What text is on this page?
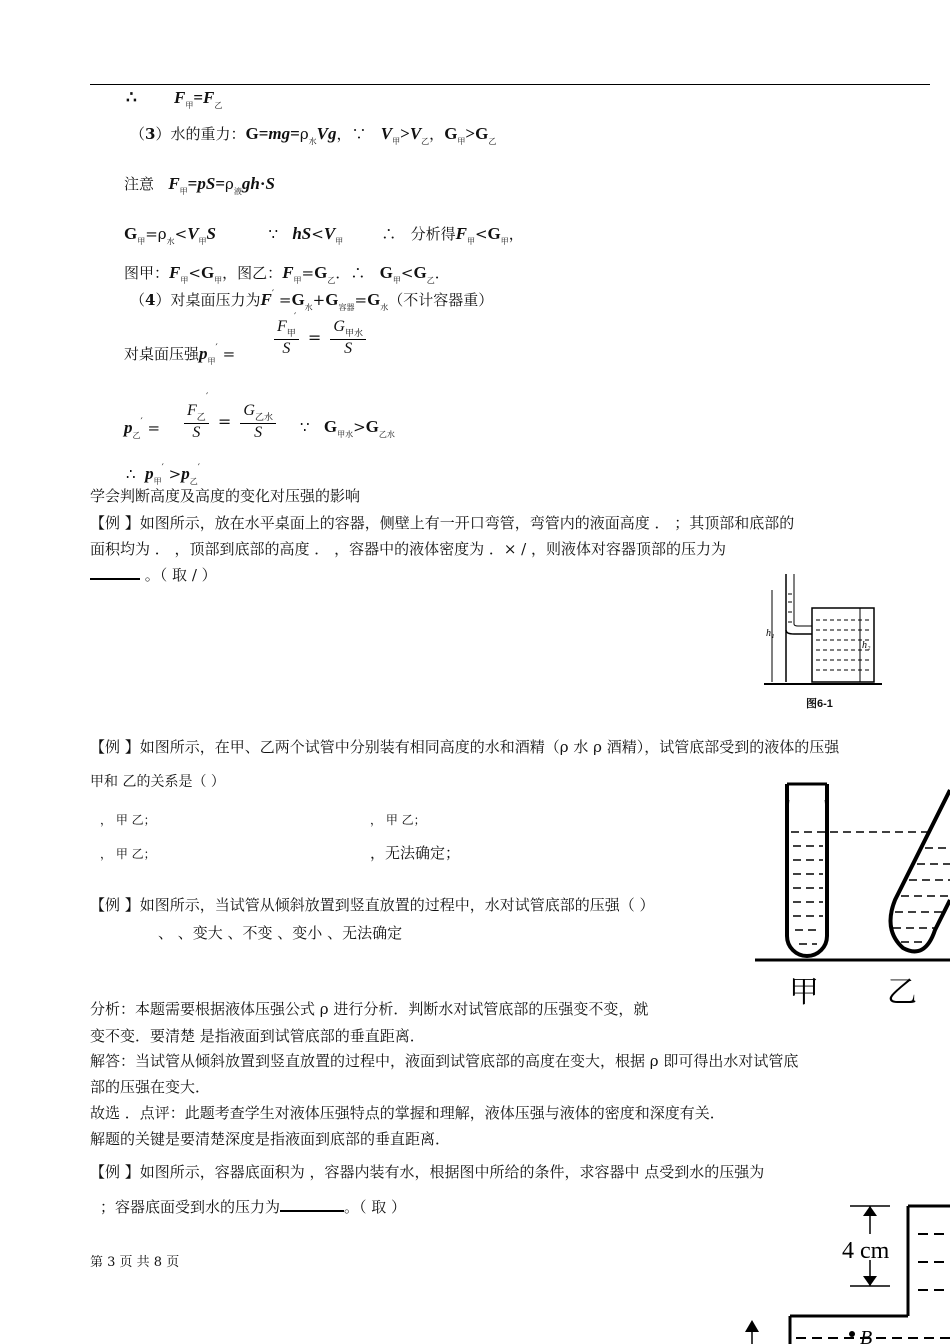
∴ $F_甲=F_乙$
（3）水的重力：$G=mg=\rho_水Vg$，∵   $V_甲>V_乙$，$G_甲>G_乙$
注意 $F_甲=pS=\rho_液gh\cdot S$
$G_甲=\rho_水<V_甲S$           ∵   $hS<V_甲$        ∴   分析得$F_甲<G_甲$，
图甲：$F_甲<G_甲$，图乙：$F_甲=G_乙$．∴   $G_甲<G_乙$．
（4）对桌面压力为$F' =G_水+G_{容器}=G_水$（不计容器重）
对桌面压强$p_甲' = \frac{F_甲}{S} = \frac{G_{甲水}}{S}$
′
$p_乙' = \frac{F_乙}{S} = \frac{G_{乙水}}{S}$
′
∵   $G_{甲水}>G_{乙水}$
∴  $p_甲' >p_乙'$
学会判断高度及高度的变化对压强的影响
【例 】如图所示，放在水平桌面上的容器，侧壁上有一开口弯管，弯管内的液面高度 ． ；其顶部和底部的
面积均为 ． ，顶部到底部的高度 ． ，容器中的液体密度为 ．× / ，则液体对容器顶部的压力为
。（ 取 / ）
h₁
h₂
图6-1
【例 】如图所示，在甲、乙两个试管中分别装有相同高度的水和酒精（ρ 水 ρ 酒精），试管底部受到的液体的压强
甲和 乙的关系是（ ）
， 甲 乙；	， 甲 乙；
， 甲 乙；	，无法确定；
甲 乙
【例 】如图所示，当试管从倾斜放置到竖直放置的过程中，水对试管底部的压强（ ）
、 、变大 、不变 、变小 、无法确定
分析：本题需要根据液体压强公式 ρ 进行分析．判断水对试管底部的压强变不变，就
变不变．要清楚 是指液面到试管底部的垂直距离．
解答：当试管从倾斜放置到竖直放置的过程中，液面到试管底部的高度在变大，根据 ρ 即可得出水对试管底
部的压强在变大．
故选 ．点评：此题考查学生对液体压强特点的掌握和理解，液体压强与液体的密度和深度有关．
解题的关键是要清楚深度是指液面到底部的垂直距离．
【例 】如图所示，容器底面积为 ，容器内装有水，根据图中所给的条件，求容器中 点受到水的压强为
；容器底面受到水的压力为	。（ 取 ）
第 3 页 共 8 页	4 cm
B
